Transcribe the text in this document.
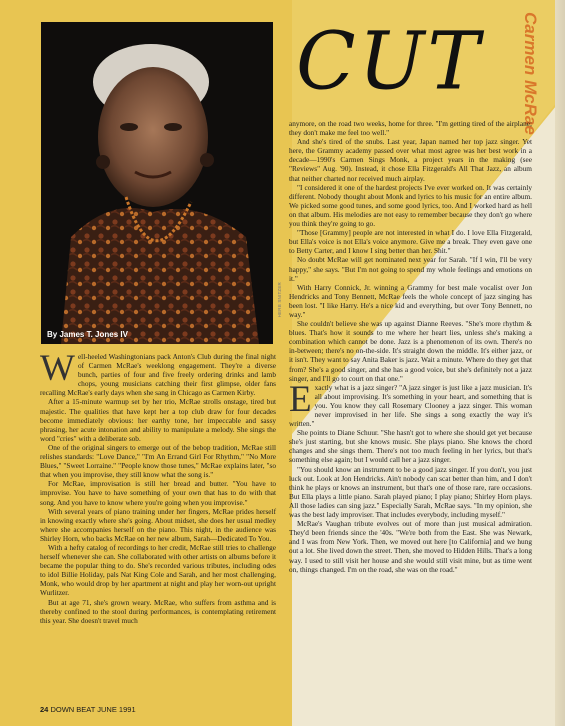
By James T. Jones IV
HERB SNITZER
CUT Carmen McRae

Well-heeled Washingtonians pack Anton's Club during the final night of Carmen McRae's weeklong engagement. They're a diverse bunch, parties of four and five freely ordering drinks and lamb chops, young musicians catching their first glimpse, older fans recalling McRae's early days when she sang in Chicago as Carmen Kirby.

After a 15-minute warmup set by her trio, McRae strolls onstage, tired but majestic. The qualities that have kept her a top club draw for four decades become immediately obvious: her earthy tone, her impeccable and sassy phrasing, her acute intonation and ability to manipulate a melody. She sings the word "cries" with a deliberate sob.

One of the original singers to emerge out of the bebop tradition, McRae still relishes standards: "Love Dance," "I'm An Errand Girl For Rhythm," "No More Blues," "Sweet Lorraine." "People know those tunes," McRae explains later, "so that when you improvise, they still know what the song is."

For McRae, improvisation is still her bread and butter. "You have to improvise. You have to have something of your own that has to do with that song. And you have to know where you're going when you improvise."

With several years of piano training under her fingers, McRae prides herself in knowing exactly where she's going. About midset, she does her usual medley where she accompanies herself on the piano. This night, in the audience was Shirley Horn, who backs McRae on her new album, Sarah—Dedicated To You.

With a hefty catalog of recordings to her credit, McRae still tries to challenge herself whenever she can. She collaborated with other artists on albums before it became the popular thing to do. She's recorded various tributes, including odes to idol Billie Holiday, pals Nat King Cole and Sarah, and her most challenging, Monk, who would drop by her apartment at night and play her worn-out upright Wurlitzer.

But at age 71, she's grown weary. McRae, who suffers from asthma and is thereby confined to the stool during performances, is contemplating retirement this year. She doesn't travel much

anymore, on the road two weeks, home for three. "I'm getting tired of the airplane; they don't make me feel too well."

And she's tired of the snubs. Last year, Japan named her top jazz singer. Yet here, the Grammy academy passed over what most agree was her best work in a decade—1990's Carmen Sings Monk, a project years in the making (see "Reviews" Aug. '90). Instead, it chose Ella Fitzgerald's All That Jazz, an album that neither charted nor received much airplay.

"I considered it one of the hardest projects I've ever worked on. It was certainly different. Nobody thought about Monk and lyrics to his music for an entire album. We picked some good tunes, and some good lyrics, too. And I worked hard as hell on that album. His melodies are not easy to remember because they don't go where you think they're going to go.

"Those [Grammy] people are not interested in what I do. I love Ella Fitzgerald, but Ella's voice is not Ella's voice anymore. Give me a break. They even gave one to Betty Carter, and I know I sing better than her. Shit."

No doubt McRae will get nominated next year for Sarah. "If I win, I'll be very happy," she says. "But I'm not going to spend my whole feelings and emotions on it."

With Harry Connick, Jr. winning a Grammy for best male vocalist over Jon Hendricks and Tony Bennett, McRae feels the whole concept of jazz singing has been lost. "I like Harry. He's a nice kid and everything, but over Tony Bennett, no way."

She couldn't believe she was up against Dianne Reeves. "She's more rhythm & blues. That's how it sounds to me where her heart lies, unless she's making a combination which cannot be done. Jazz is a phenomenon of its own. There's no in-between; there's no on-the-side. It's straight down the middle. It's either jazz, or it isn't. They want to say Anita Baker is jazz. Wait a minute. Where do they get that from? She's a good singer, and she has a good voice, but she's definitely not a jazz singer, and I'll go to court on that one."

Exactly what is a jazz singer? "A jazz singer is just like a jazz musician. It's all about improvising. It's something in your heart, and something that is you. You know they call Rosemary Clooney a jazz singer. This woman never improvised in her life. She sings a song exactly the way it's written."

She points to Diane Schuur. "She hasn't got to where she should get yet because she's just starting, but she knows music. She plays piano. She knows the chord changes and she sings them. There's not too much feeling in her lyrics, but that's something else again; but I would call her a jazz singer.

"You should know an instrument to be a good jazz singer. If you don't, you just luck out. Look at Jon Hendricks. Ain't nobody can scat better than him, and I don't think he plays or knows an instrument, but that's one of those rare, rare occasions. But Ella plays a little piano. Sarah played piano; I play piano; Shirley Horn plays. All those ladies can sing jazz." Especially Sarah, McRae says. "In my opinion, she was the best lady improviser. That includes everybody, including myself."

McRae's Vaughan tribute evolves out of more than just musical admiration. They'd been friends since the '40s. "We're both from the East. She was Newark, and I was from New York. Then, we moved out here [to California] and we hung out a lot. She lived down the street. Then, she moved to Hidden Hills. That's a long way. I used to still visit her house and she would still visit mine, but as time went on, things changed. I'm on the road, she was on the road."

24 DOWN BEAT JUNE 1991
